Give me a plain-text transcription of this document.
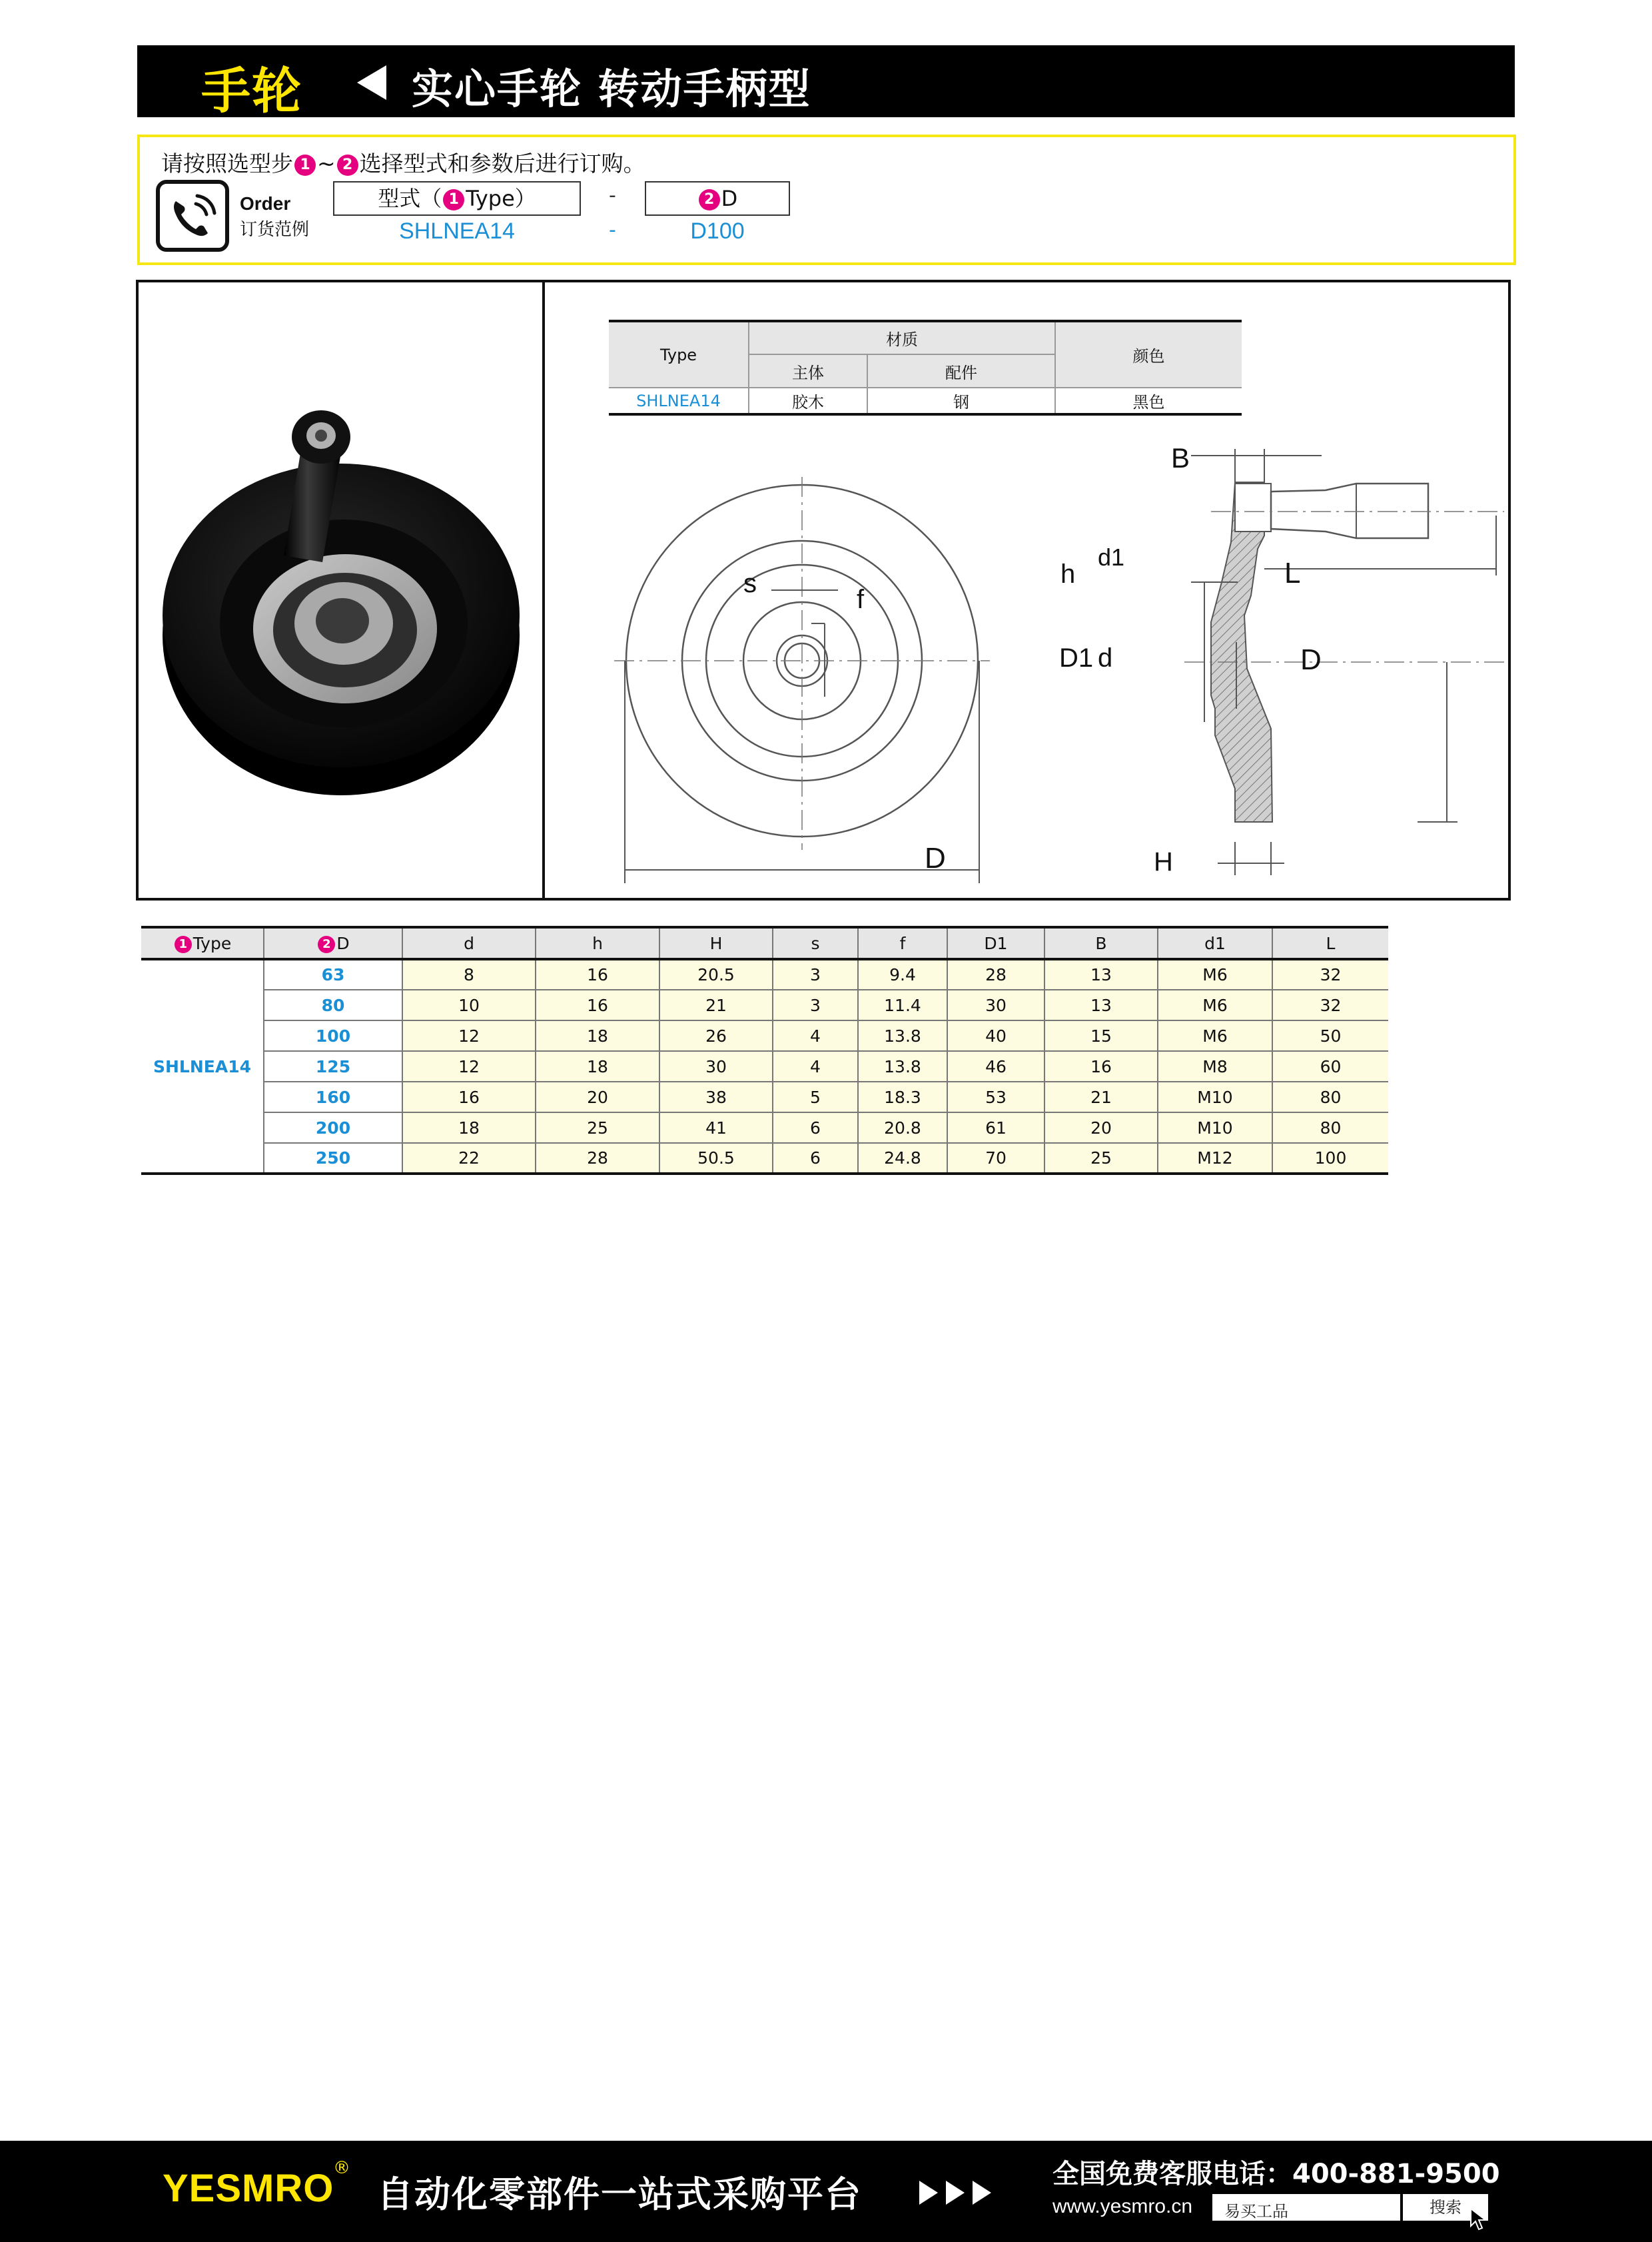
手轮	实心手轮 转动手柄型
请按照选型步 1 ~ 2 选择型式和参数后进行订购。
Order
订货范例
型式（ 1 Type）	-	2 D
SHLNEA14	-	D100
D
s
f
B
d1
h	L
D1 d	D
H
Type	材质		颜色
	主体	配件	
SHLNEA14	胶木	钢	黑色
1 Type	2 D	d	h	H	s	f	D1	B	d1	L
SHLNEA14	63	8	16	20.5	3	9.4	28	13	M6	32
	80	10	16	21	3	11.4	30	13	M6	32
	100	12	18	26	4	13.8	40	15	M6	50
	125	12	18	30	4	13.8	46	16	M8	60
	160	16	20	38	5	18.3	53	21	M10	80
	200	18	25	41	6	20.8	61	20	M10	80
	250	22	28	50.5	6	24.8	70	25	M12	100
YESMRO
®
自动化零部件一站式采购平台	全国免费客服电话：400-881-9500
www.yesmro.cn 易买工品	搜索
